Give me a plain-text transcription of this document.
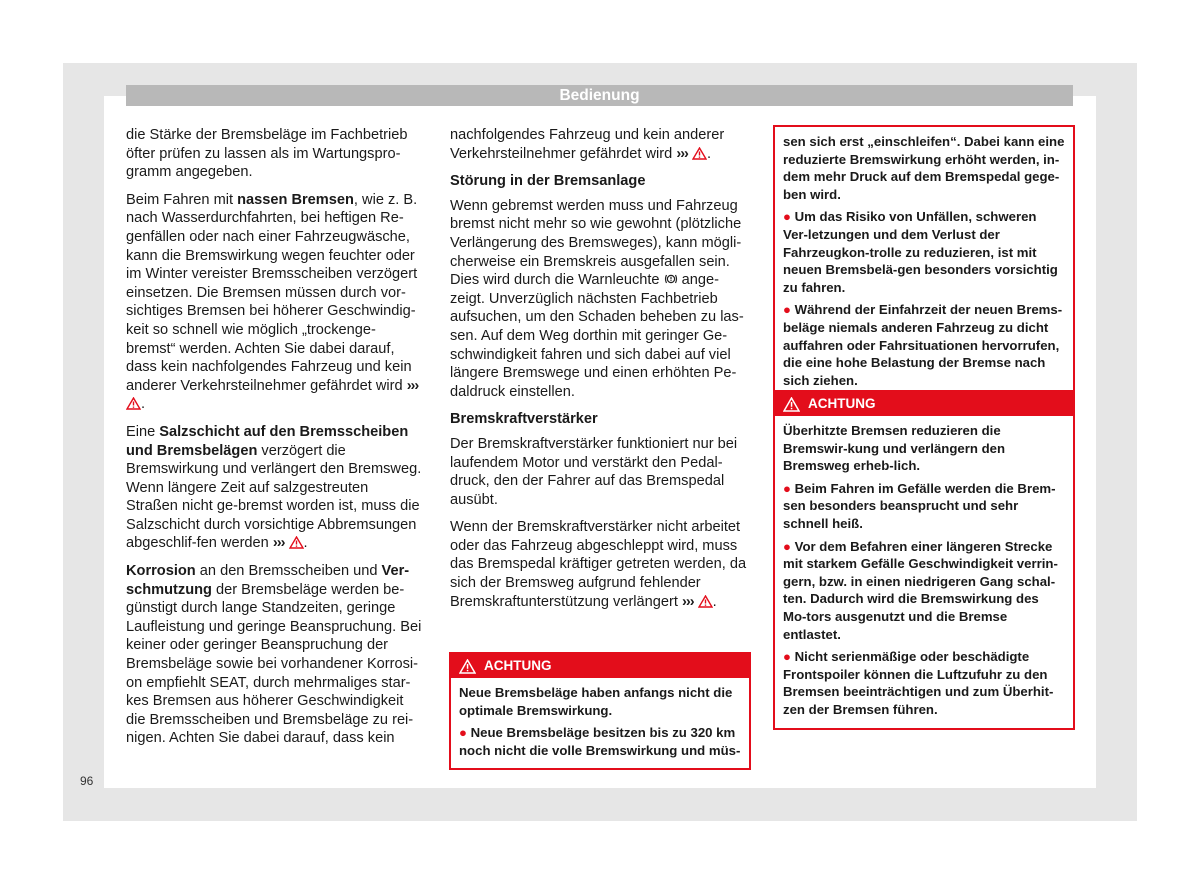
Bedienung

die Stärke der Bremsbeläge im Fachbetrieb öfter prüfen zu lassen als im Wartungspro-gramm angegeben.

Beim Fahren mit nassen Bremsen, wie z. B. nach Wasserdurchfahrten, bei heftigen Re-genfällen oder nach einer Fahrzeugwäsche, kann die Bremswirkung wegen feuchter oder im Winter vereister Bremsscheiben verzögert einsetzen. Die Bremsen müssen durch vor-sichtiges Bremsen bei höherer Geschwindig-keit so schnell wie möglich „trockenge-bremst“ werden. Achten Sie dabei darauf, dass kein nachfolgendes Fahrzeug und kein anderer Verkehrsteilnehmer gefährdet wird ››› .

Eine Salzschicht auf den Bremsscheiben und Bremsbelägen verzögert die Bremswirkung und verlängert den Bremsweg. Wenn längere Zeit auf salzgestreuten Straßen nicht ge-bremst worden ist, muss die Salzschicht durch vorsichtige Abbremsungen abgeschlif-fen werden ››› .

Korrosion an den Bremsscheiben und Ver-schmutzung der Bremsbeläge werden be-günstigt durch lange Standzeiten, geringe Laufleistung und geringe Beanspruchung. Bei keiner oder geringer Beanspruchung der Bremsbeläge sowie bei vorhandener Korrosi-on empfiehlt SEAT, durch mehrmaliges star-kes Bremsen aus höherer Geschwindigkeit die Bremsscheiben und Bremsbeläge zu rei-nigen. Achten Sie dabei darauf, dass kein

nachfolgendes Fahrzeug und kein anderer Verkehrsteilnehmer gefährdet wird ››› .

Störung in der Bremsanlage

Wenn gebremst werden muss und Fahrzeug bremst nicht mehr so wie gewohnt (plötzliche Verlängerung des Bremsweges), kann mögli-cherweise ein Bremskreis ausgefallen sein. Dies wird durch die Warnleuchte  ange-zeigt. Unverzüglich nächsten Fachbetrieb aufsuchen, um den Schaden beheben zu las-sen. Auf dem Weg dorthin mit geringer Ge-schwindigkeit fahren und sich dabei auf viel längere Bremswege und einen erhöhten Pe-daldruck einstellen.

Bremskraftverstärker

Der Bremskraftverstärker funktioniert nur bei laufendem Motor und verstärkt den Pedal-druck, den der Fahrer auf das Bremspedal ausübt.

Wenn der Bremskraftverstärker nicht arbeitet oder das Fahrzeug abgeschleppt wird, muss das Bremspedal kräftiger getreten werden, da sich der Bremsweg aufgrund fehlender Bremskraftunterstützung verlängert ››› .

ACHTUNG

Neue Bremsbeläge haben anfangs nicht die optimale Bremswirkung.

● Neue Bremsbeläge besitzen bis zu 320 km noch nicht die volle Bremswirkung und müs-

sen sich erst „einschleifen“. Dabei kann eine reduzierte Bremswirkung erhöht werden, in-dem mehr Druck auf dem Bremspedal gege-ben wird.

● Um das Risiko von Unfällen, schweren Ver-letzungen und dem Verlust der Fahrzeugkon-trolle zu reduzieren, ist mit neuen Bremsbelä-gen besonders vorsichtig zu fahren.

● Während der Einfahrzeit der neuen Brems-beläge niemals anderen Fahrzeug zu dicht auffahren oder Fahrsituationen hervorrufen, die eine hohe Belastung der Bremse nach sich ziehen.

ACHTUNG

Überhitzte Bremsen reduzieren die Bremswir-kung und verlängern den Bremsweg erheb-lich.

● Beim Fahren im Gefälle werden die Brem-sen besonders beansprucht und sehr schnell heiß.

● Vor dem Befahren einer längeren Strecke mit starkem Gefälle Geschwindigkeit verrin-gern, bzw. in einen niedrigeren Gang schal-ten. Dadurch wird die Bremswirkung des Mo-tors ausgenutzt und die Bremse entlastet.

● Nicht serienmäßige oder beschädigte Frontspoiler können die Luftzufuhr zu den Bremsen beeinträchtigen und zum Überhit-zen der Bremsen führen.

96
